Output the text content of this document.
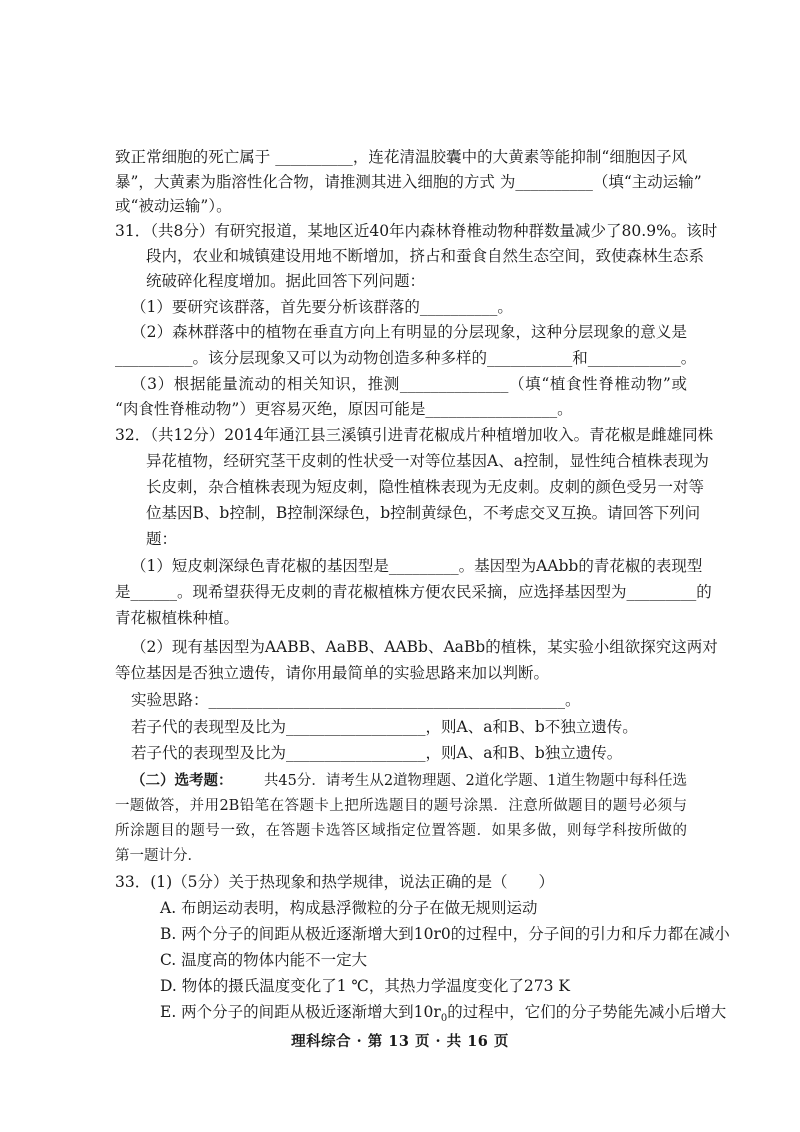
致正常细胞的死亡属于 __________，连花清温胶囊中的大黄素等能抑制“细胞因子风
暴”，大黄素为脂溶性化合物，请推测其进入细胞的方式 为__________（填“主动运输”
或“被动运输”）。
31．（共8分）有研究报道，某地区近40年内森林脊椎动物种群数量减少了80.9%。该时
段内，农业和城镇建设用地不断增加，挤占和蚕食自然生态空间，致使森林生态系
统破碎化程度增加。据此回答下列问题：
（1）要研究该群落，首先要分析该群落的__________。
（2）森林群落中的植物在垂直方向上有明显的分层现象，这种分层现象的意义是
__________。该分层现象又可以为动物创造多种多样的___________和____________。
（3）根据能量流动的相关知识，推测______________（填“植食性脊椎动物”或
“肉食性脊椎动物”）更容易灭绝，原因可能是_________________。
32．（共12分）2014年通江县三溪镇引进青花椒成片种植增加收入。青花椒是雌雄同株
异花植物，经研究茎干皮刺的性状受一对等位基因A、a控制，显性纯合植株表现为
长皮刺，杂合植株表现为短皮刺，隐性植株表现为无皮刺。皮刺的颜色受另一对等
位基因B、b控制，B控制深绿色，b控制黄绿色，不考虑交叉互换。请回答下列问
题：
（1）短皮刺深绿色青花椒的基因型是_________。基因型为AAbb的青花椒的表现型
是______。现希望获得无皮刺的青花椒植株方便农民采摘，应选择基因型为_________的
青花椒植株种植。
（2）现有基因型为AABB、AaBB、AABb、AaBb的植株，某实验小组欲探究这两对
等位基因是否独立遗传，请你用最简单的实验思路来加以判断。
实验思路：______________________________________________。
若子代的表现型及比为__________________，则A、a和B、b不独立遗传。
若子代的表现型及比为__________________，则A、a和B、b独立遗传。
（二）选考题： 共45分．请考生从2道物理题、2道化学题、1道生物题中每科任选
一题做答，并用2B铅笔在答题卡上把所选题目的题号涂黑．注意所做题目的题号必须与
所涂题目的题号一致，在答题卡选答区域指定位置答题．如果多做，则每学科按所做的
第一题计分．
33．(1)（5分）关于热现象和热学规律，说法正确的是（　　）
A. 布朗运动表明，构成悬浮微粒的分子在做无规则运动
B. 两个分子的间距从极近逐渐增大到10r0的过程中，分子间的引力和斥力都在减小
C. 温度高的物体内能不一定大
D. 物体的摄氏温度变化了1 ℃，其热力学温度变化了273 K
E. 两个分子的间距从极近逐渐增大到$10r_0$的过程中，它们的分子势能先减小后增大
理科综合 · 第 13 页 · 共 16 页
